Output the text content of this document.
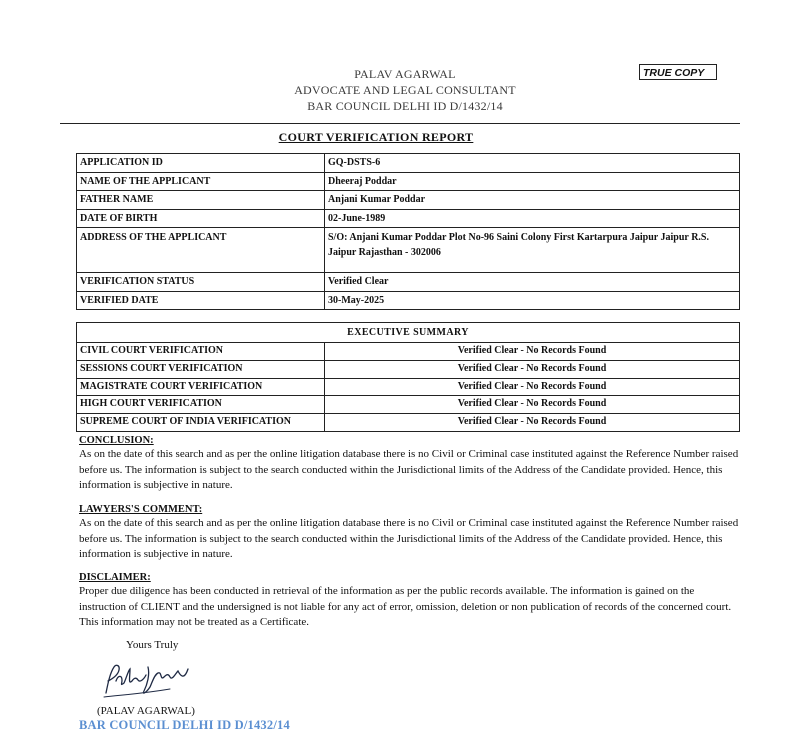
PALAV AGARWAL
ADVOCATE AND LEGAL CONSULTANT
BAR COUNCIL DELHI ID D/1432/14
TRUE COPY
COURT VERIFICATION REPORT
APPLICATION ID	GQ-DSTS-6
NAME OF THE APPLICANT	Dheeraj Poddar
FATHER NAME	Anjani Kumar Poddar
DATE OF BIRTH	02-June-1989
ADDRESS OF THE APPLICANT	S/O: Anjani Kumar Poddar Plot No-96 Saini Colony First Kartarpura Jaipur Jaipur R.S. Jaipur Rajasthan - 302006
VERIFICATION STATUS	Verified Clear
VERIFIED DATE	30-May-2025
EXECUTIVE SUMMARY	
CIVIL COURT VERIFICATION	Verified Clear - No Records Found
SESSIONS COURT VERIFICATION	Verified Clear - No Records Found
MAGISTRATE COURT VERIFICATION	Verified Clear - No Records Found
HIGH COURT VERIFICATION	Verified Clear - No Records Found
SUPREME COURT OF INDIA VERIFICATION	Verified Clear - No Records Found
CONCLUSION:

As on the date of this search and as per the online litigation database there is no Civil or Criminal case instituted against the Reference Number raised before us. The information is subject to the search conducted within the Jurisdictional limits of the Address of the Candidate provided. Hence, this information is subjective in nature.

LAWYERS'S COMMENT:

As on the date of this search and as per the online litigation database there is no Civil or Criminal case instituted against the Reference Number raised before us. The information is subject to the search conducted within the Jurisdictional limits of the Address of the Candidate provided. Hence, this information is subjective in nature.

DISCLAIMER:

Proper due diligence has been conducted in retrieval of the information as per the public records available. The information is gained on the instruction of CLIENT and the undersigned is not liable for any act of error, omission, deletion or non publication of records of the concerned court. This information may not be treated as a Certificate.

Yours Truly
(PALAV AGARWAL)
BAR COUNCIL DELHI ID D/1432/14
